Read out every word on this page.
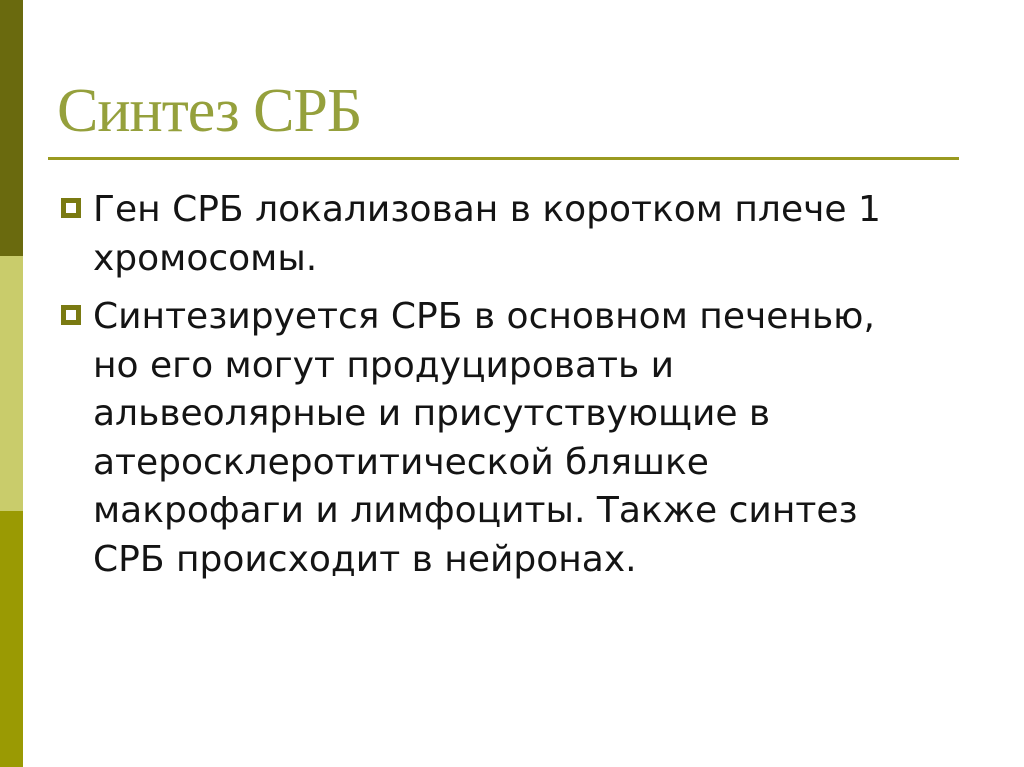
Синтез СРБ
Ген СРБ локализован в коротком плече 1
хромосомы.
Синтезируется СРБ в основном печенью,
но его могут продуцировать и
альвеолярные и присутствующие в
атеросклеротитической бляшке
макрофаги и лимфоциты. Также синтез
СРБ происходит в нейронах.
